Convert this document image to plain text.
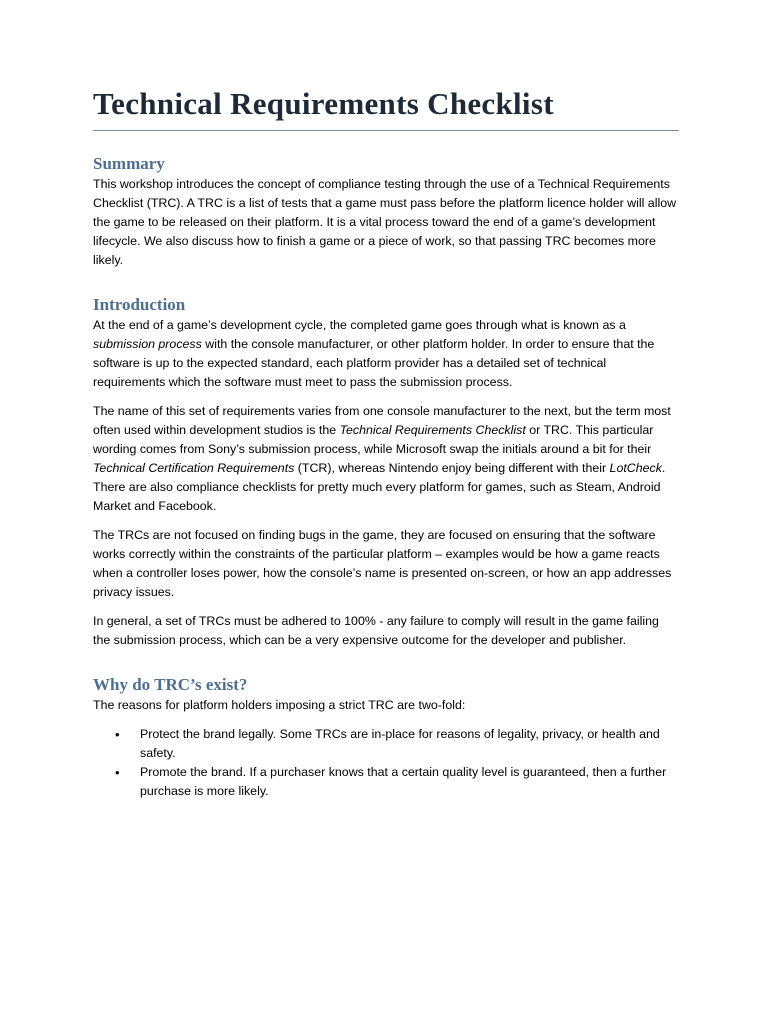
Technical Requirements Checklist
Summary

This workshop introduces the concept of compliance testing through the use of a Technical Requirements Checklist (TRC). A TRC is a list of tests that a game must pass before the platform licence holder will allow the game to be released on their platform. It is a vital process toward the end of a game’s development lifecycle. We also discuss how to finish a game or a piece of work, so that passing TRC becomes more likely.

Introduction

At the end of a game’s development cycle, the completed game goes through what is known as a submission process with the console manufacturer, or other platform holder. In order to ensure that the software is up to the expected standard, each platform provider has a detailed set of technical requirements which the software must meet to pass the submission process.

The name of this set of requirements varies from one console manufacturer to the next, but the term most often used within development studios is the Technical Requirements Checklist or TRC. This particular wording comes from Sony’s submission process, while Microsoft swap the initials around a bit for their Technical Certification Requirements (TCR), whereas Nintendo enjoy being different with their LotCheck. There are also compliance checklists for pretty much every platform for games, such as Steam, Android Market and Facebook.

The TRCs are not focused on finding bugs in the game, they are focused on ensuring that the software works correctly within the constraints of the particular platform – examples would be how a game reacts when a controller loses power, how the console’s name is presented on-screen, or how an app addresses privacy issues.

In general, a set of TRCs must be adhered to 100% - any failure to comply will result in the game failing the submission process, which can be a very expensive outcome for the developer and publisher.

Why do TRC’s exist?

The reasons for platform holders imposing a strict TRC are two-fold:

• Protect the brand legally. Some TRCs are in-place for reasons of legality, privacy, or health and safety.
• Promote the brand. If a purchaser knows that a certain quality level is guaranteed, then a further purchase is more likely.
